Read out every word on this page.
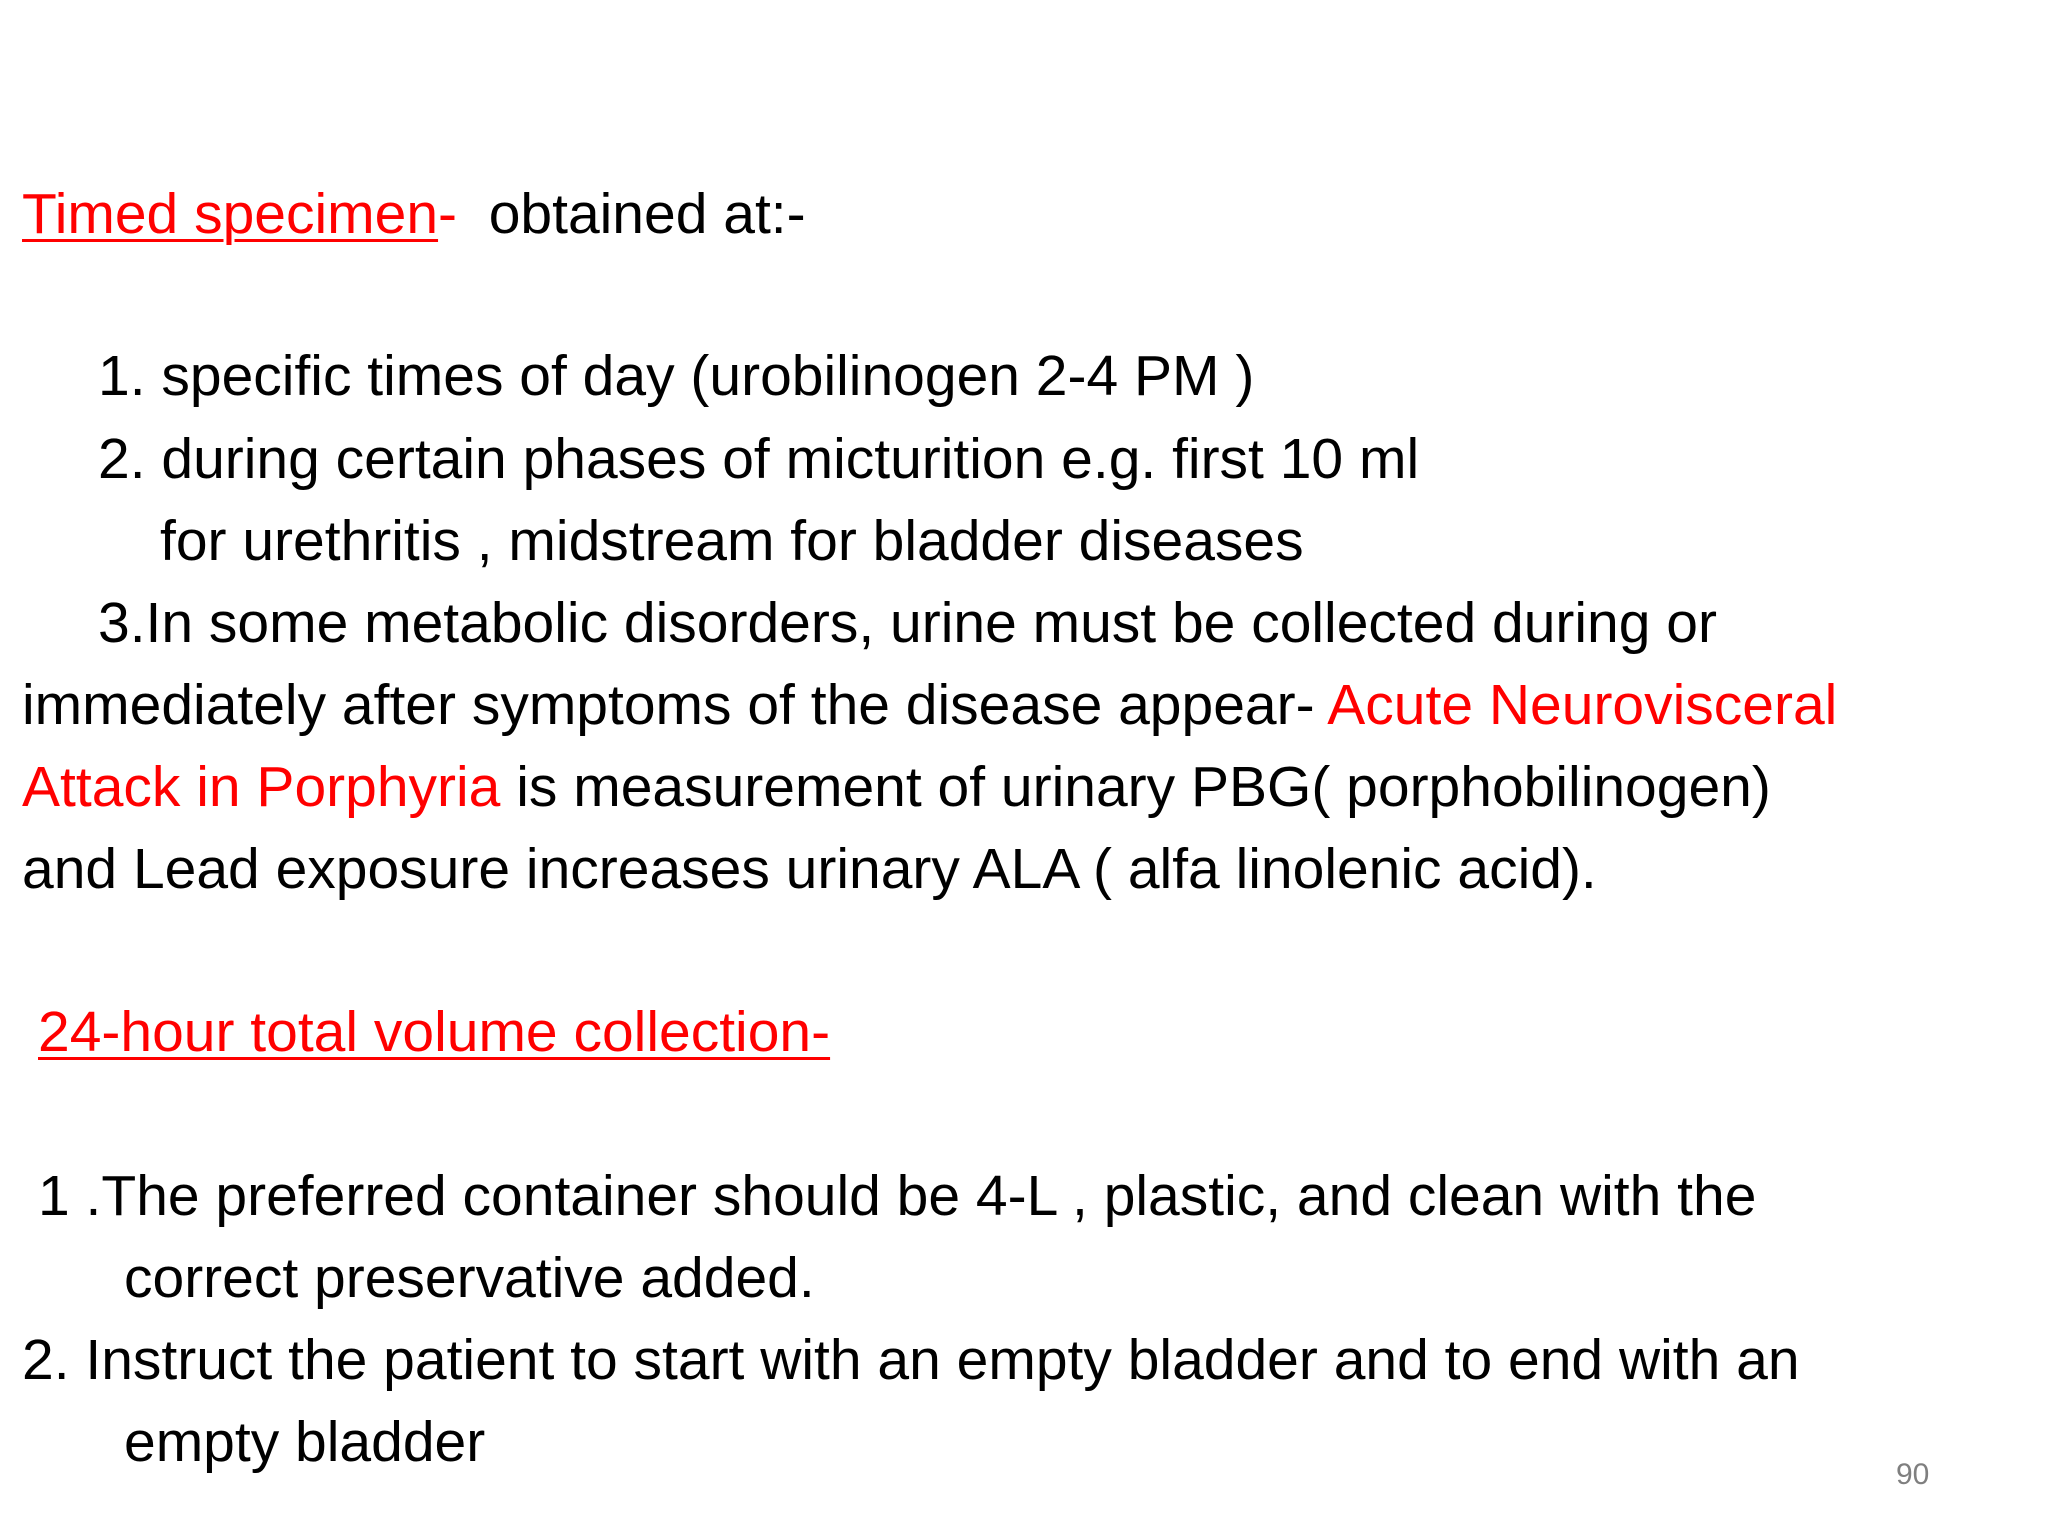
Timed specimen-  obtained at:-
1. specific times of day (urobilinogen 2-4 PM )
2. during certain phases of micturition e.g. first 10 ml
for urethritis , midstream for bladder diseases
3.In some metabolic disorders, urine must be collected during or
immediately after symptoms of the disease appear- Acute Neurovisceral
Attack in Porphyria is measurement of urinary PBG( porphobilinogen)
and Lead exposure increases urinary ALA ( alfa linolenic acid).
24-hour total volume collection-
1 .The preferred container should be 4-L , plastic, and clean with the
correct preservative added.
2. Instruct the patient to start with an empty bladder and to end with an
empty bladder
90
